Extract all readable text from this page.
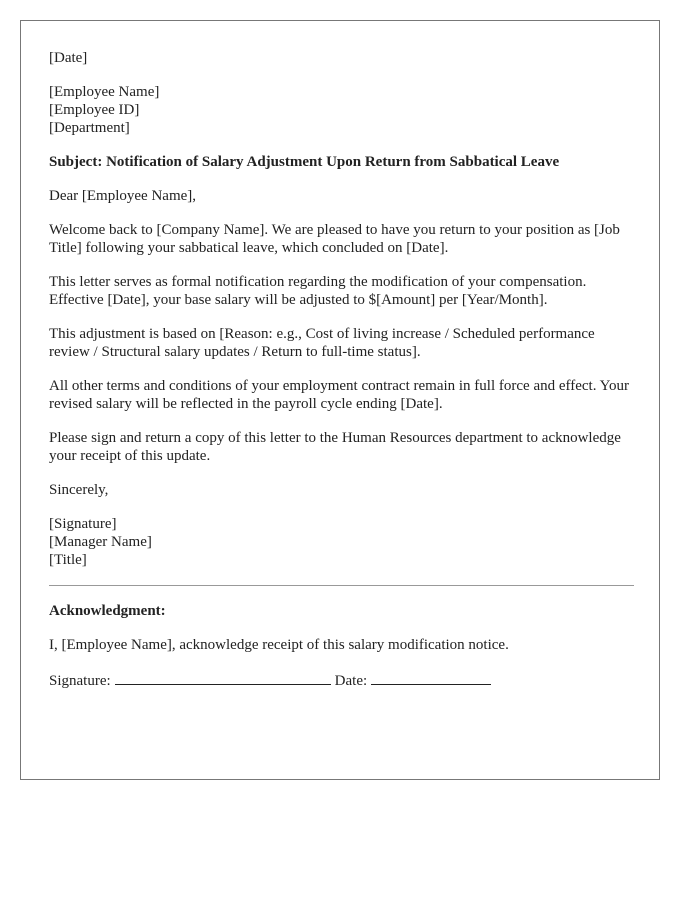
[Date]
[Employee Name]
[Employee ID]
[Department]
Subject: Notification of Salary Adjustment Upon Return from Sabbatical Leave
Dear [Employee Name],

Welcome back to [Company Name]. We are pleased to have you return to your position as [Job Title] following your sabbatical leave, which concluded on [Date].

This letter serves as formal notification regarding the modification of your compensation. Effective [Date], your base salary will be adjusted to $[Amount] per [Year/Month].

This adjustment is based on [Reason: e.g., Cost of living increase / Scheduled performance review / Structural salary updates / Return to full-time status].

All other terms and conditions of your employment contract remain in full force and effect. Your revised salary will be reflected in the payroll cycle ending [Date].

Please sign and return a copy of this letter to the Human Resources department to acknowledge your receipt of this update.

Sincerely,
[Signature]
[Manager Name]
[Title]
Acknowledgment:
I, [Employee Name], acknowledge receipt of this salary modification notice.
Signature:	Date:
